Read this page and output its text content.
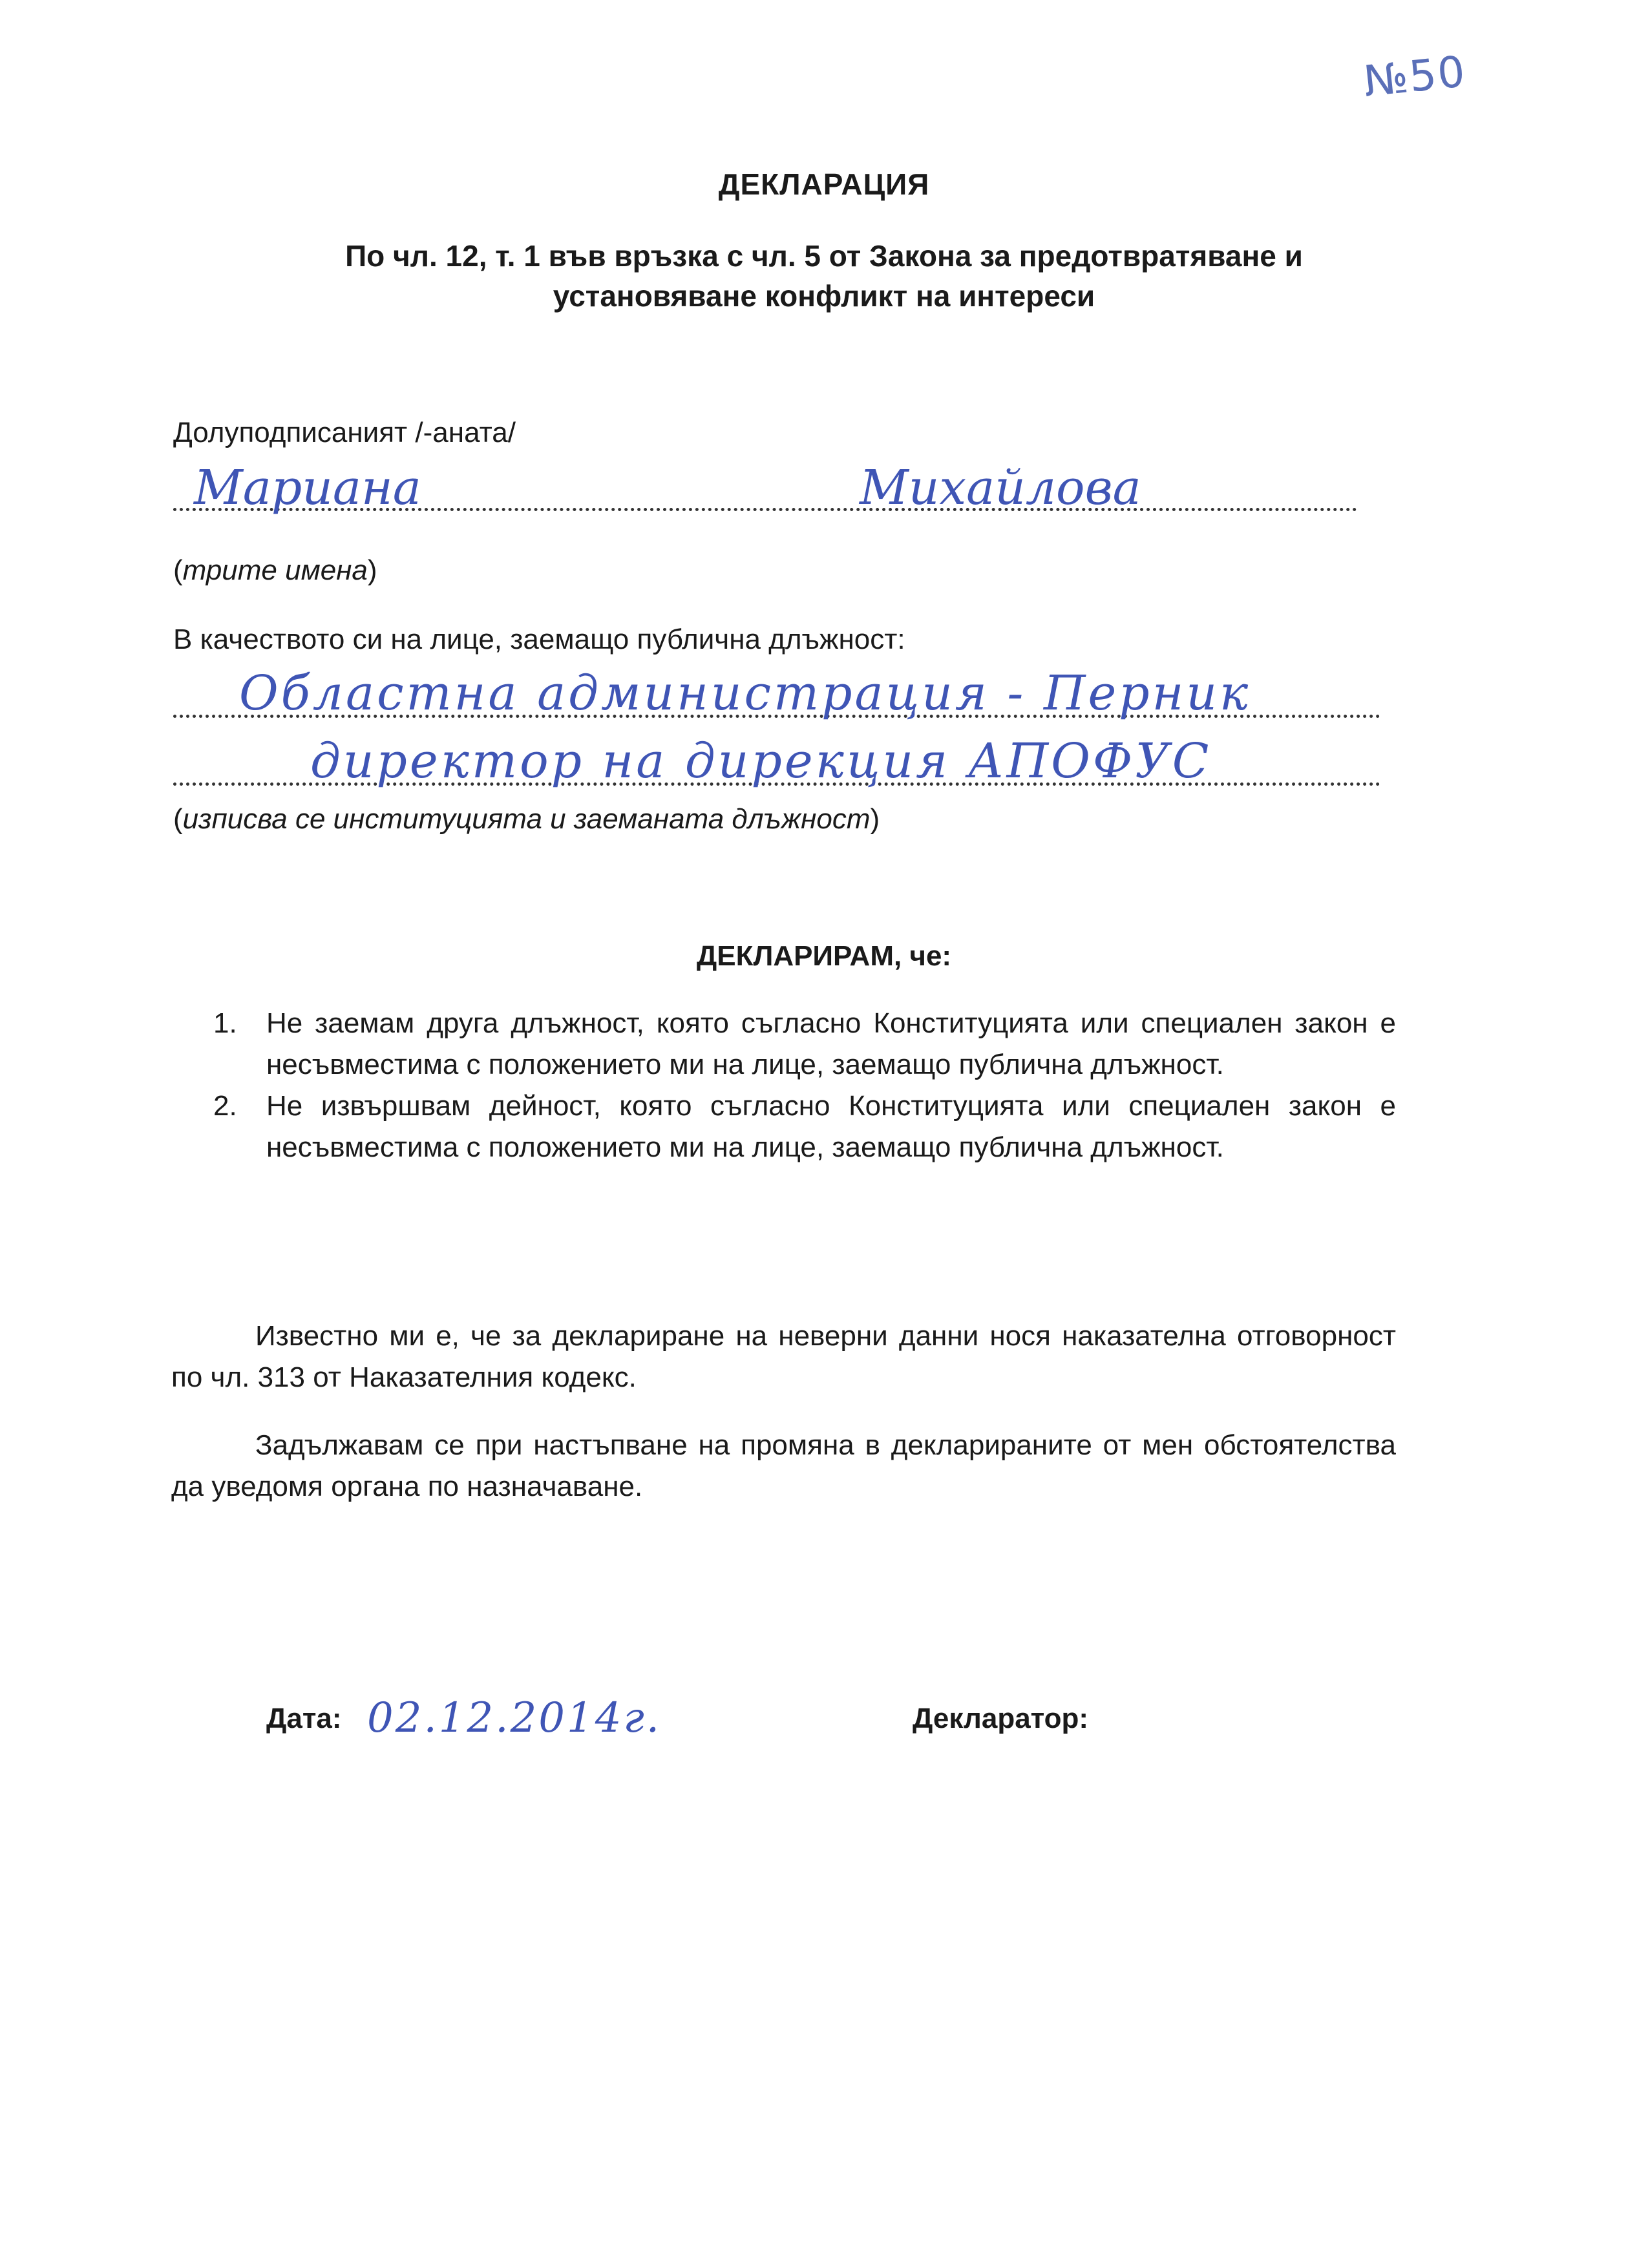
№50
ДЕКЛАРАЦИЯ
По чл. 12, т. 1 във връзка с чл. 5 от Закона за предотвратяване и
установяване конфликт на интереси
Долуподписаният /-аната/
Мариана	Михайлова
(трите имена)
В качеството си на лице, заемащо публична длъжност:
Областна администрация - Перник
директор на дирекция АПОФУС
(изписва се институцията и заеманата длъжност)
ДЕКЛАРИРАМ, че:
1. Не заемам друга длъжност, която съгласно Конституцията или специален закон е несъвместима с положението ми на лице, заемащо публична длъжност.
2. Не извършвам дейност, която съгласно Конституцията или специален закон е несъвместима с положението ми на лице, заемащо публична длъжност.
Известно ми е, че за деклариране на неверни данни нося наказателна отговорност по чл. 313 от Наказателния кодекс.
Задължавам се при настъпване на промяна в декларираните от мен обстоятелства да уведомя органа по назначаване.
Дата: 02.12.2014г.	Декларатор:
